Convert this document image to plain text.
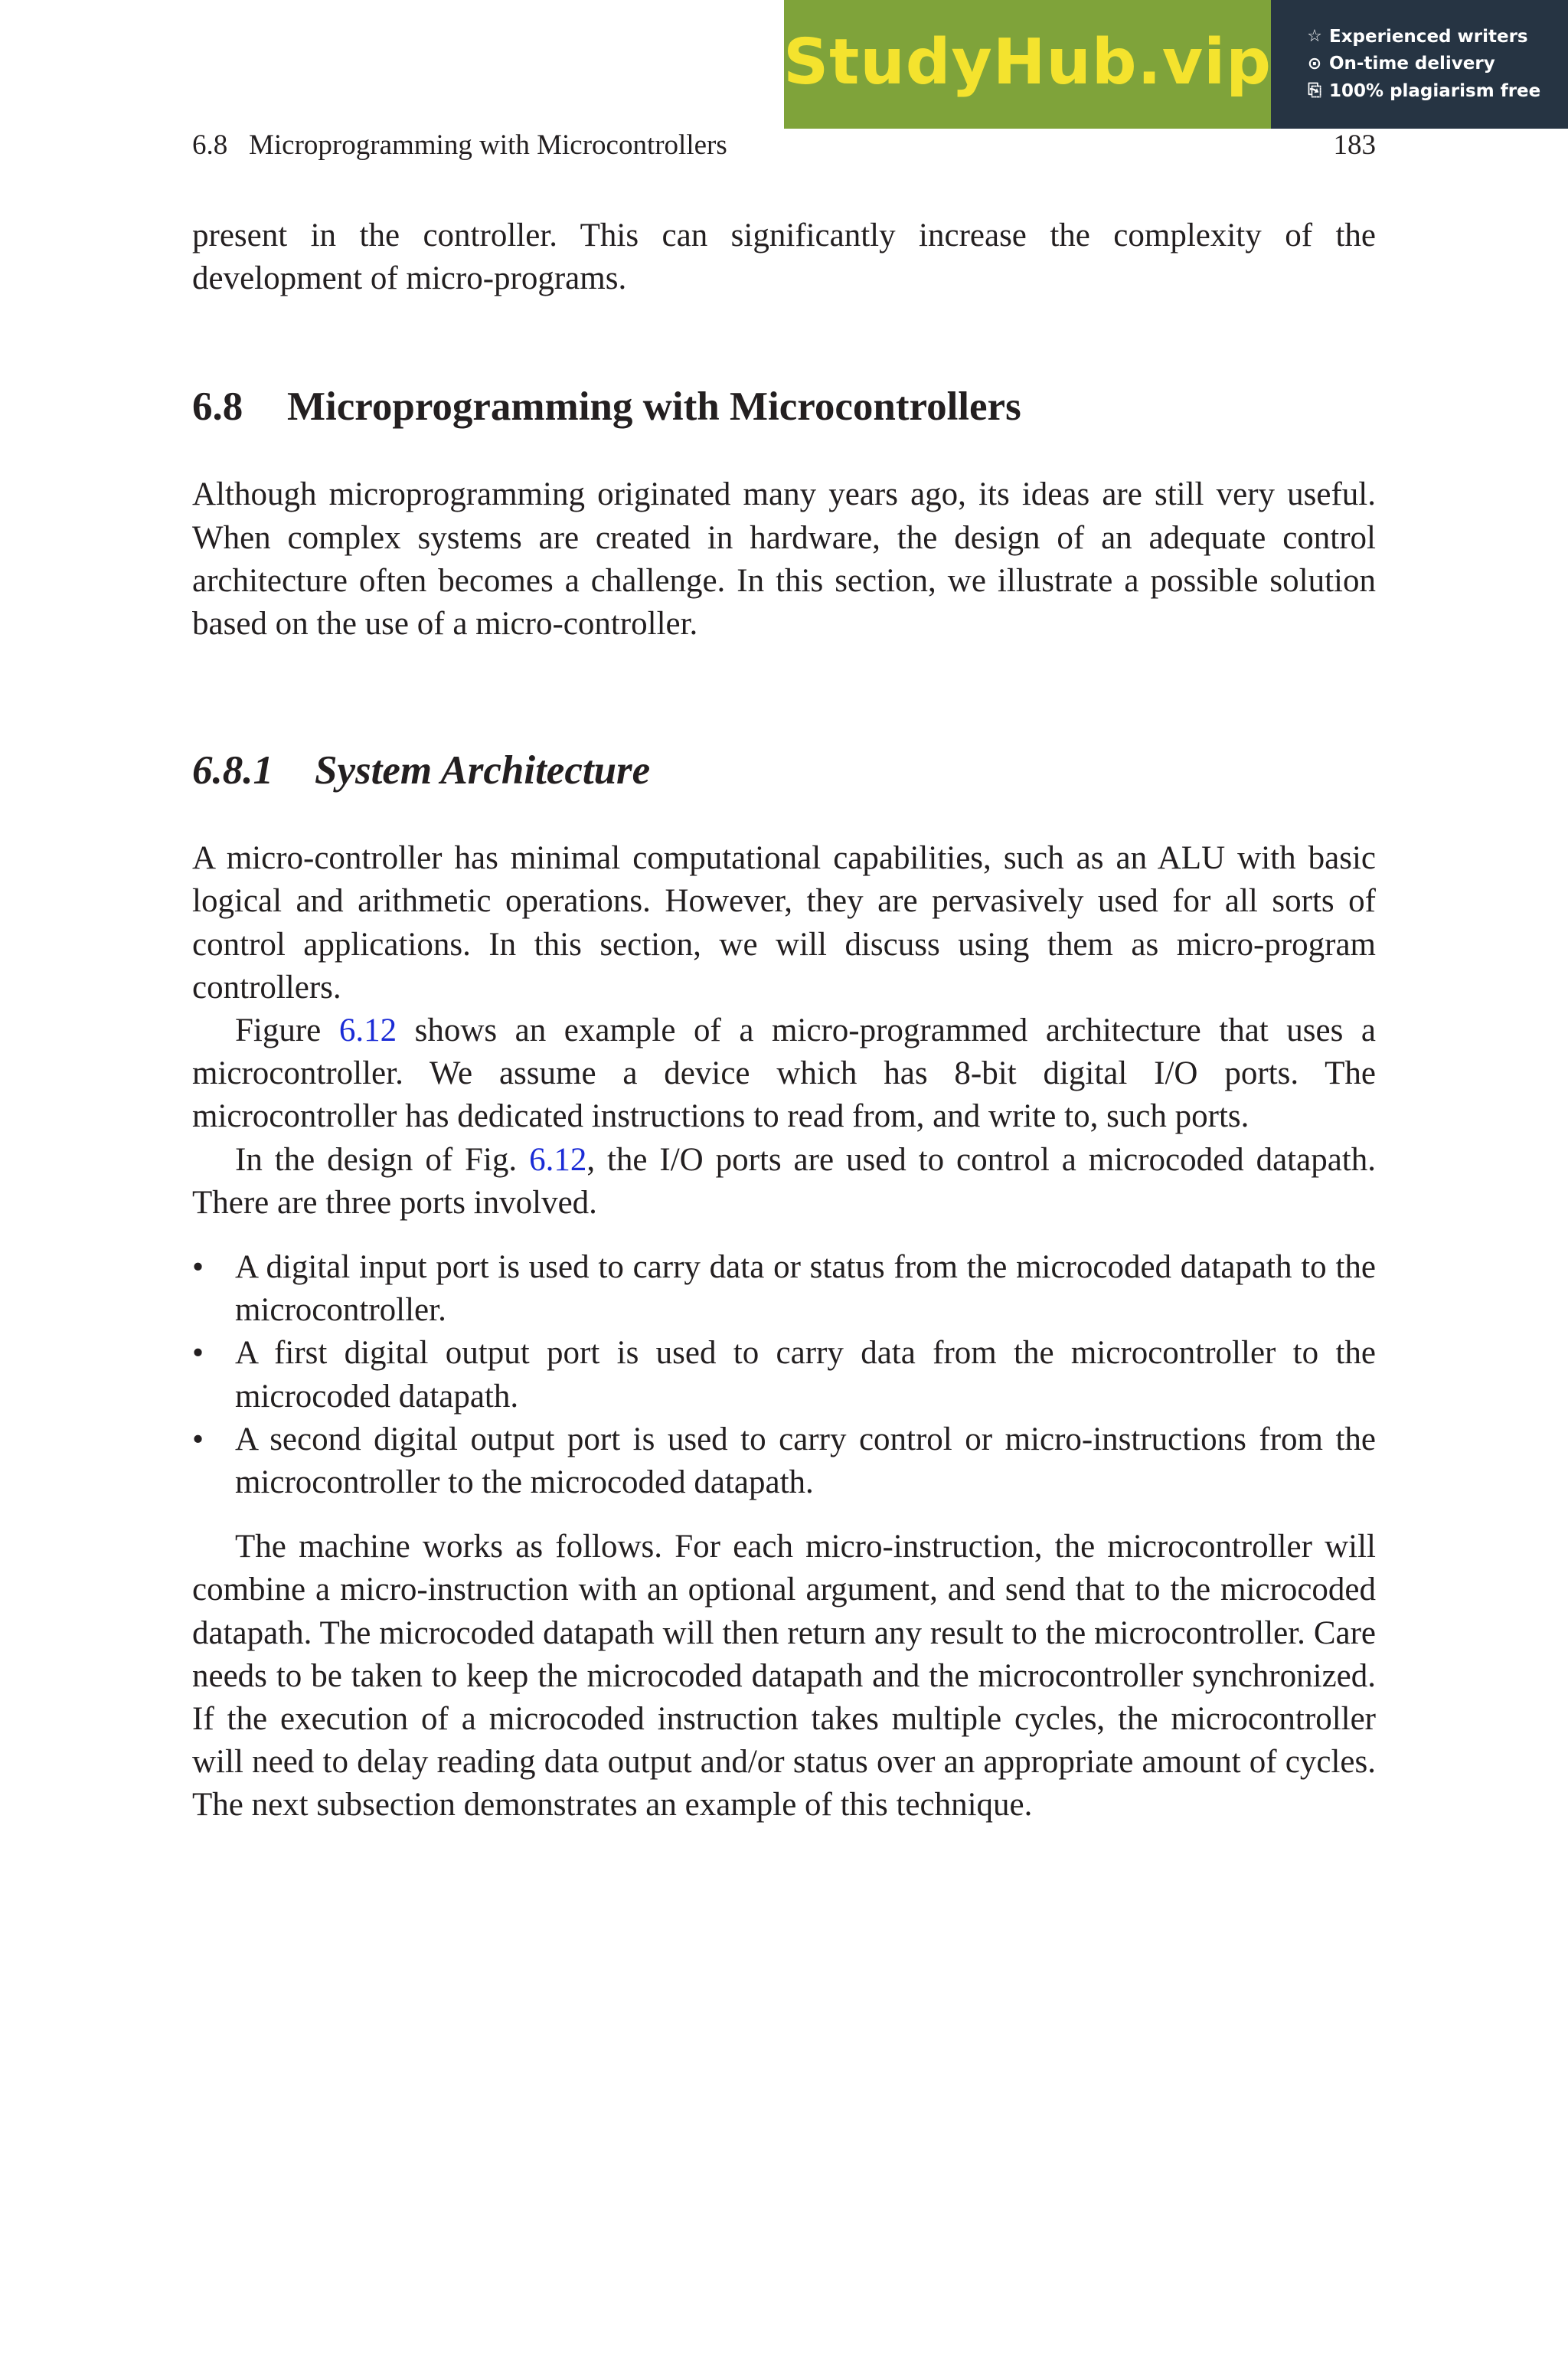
StudyHub.vip ☆ Experienced writers
⊙ On-time delivery
⎘ 100% plagiarism free
6.8   Microprogramming with Microcontrollers	183

present in the controller. This can significantly increase the complexity of the development of micro-programs.

6.8 Microprogramming with Microcontrollers

Although microprogramming originated many years ago, its ideas are still very useful. When complex systems are created in hardware, the design of an adequate control architecture often becomes a challenge. In this section, we illustrate a possible solution based on the use of a micro-controller.

6.8.1 System Architecture

A micro-controller has minimal computational capabilities, such as an ALU with basic logical and arithmetic operations. However, they are pervasively used for all sorts of control applications. In this section, we will discuss using them as micro-program controllers.

Figure 6.12 shows an example of a micro-programmed architecture that uses a microcontroller. We assume a device which has 8-bit digital I/O ports. The microcontroller has dedicated instructions to read from, and write to, such ports.

In the design of Fig. 6.12, the I/O ports are used to control a microcoded datapath. There are three ports involved.

• A digital input port is used to carry data or status from the microcoded datapath to the microcontroller.
• A first digital output port is used to carry data from the microcontroller to the microcoded datapath.
• A second digital output port is used to carry control or micro-instructions from the microcontroller to the microcoded datapath.

The machine works as follows. For each micro-instruction, the microcontroller will combine a micro-instruction with an optional argument, and send that to the microcoded datapath. The microcoded datapath will then return any result to the microcontroller. Care needs to be taken to keep the microcoded datapath and the microcontroller synchronized. If the execution of a microcoded instruction takes multiple cycles, the microcontroller will need to delay reading data output and/or status over an appropriate amount of cycles. The next subsection demonstrates an example of this technique.
